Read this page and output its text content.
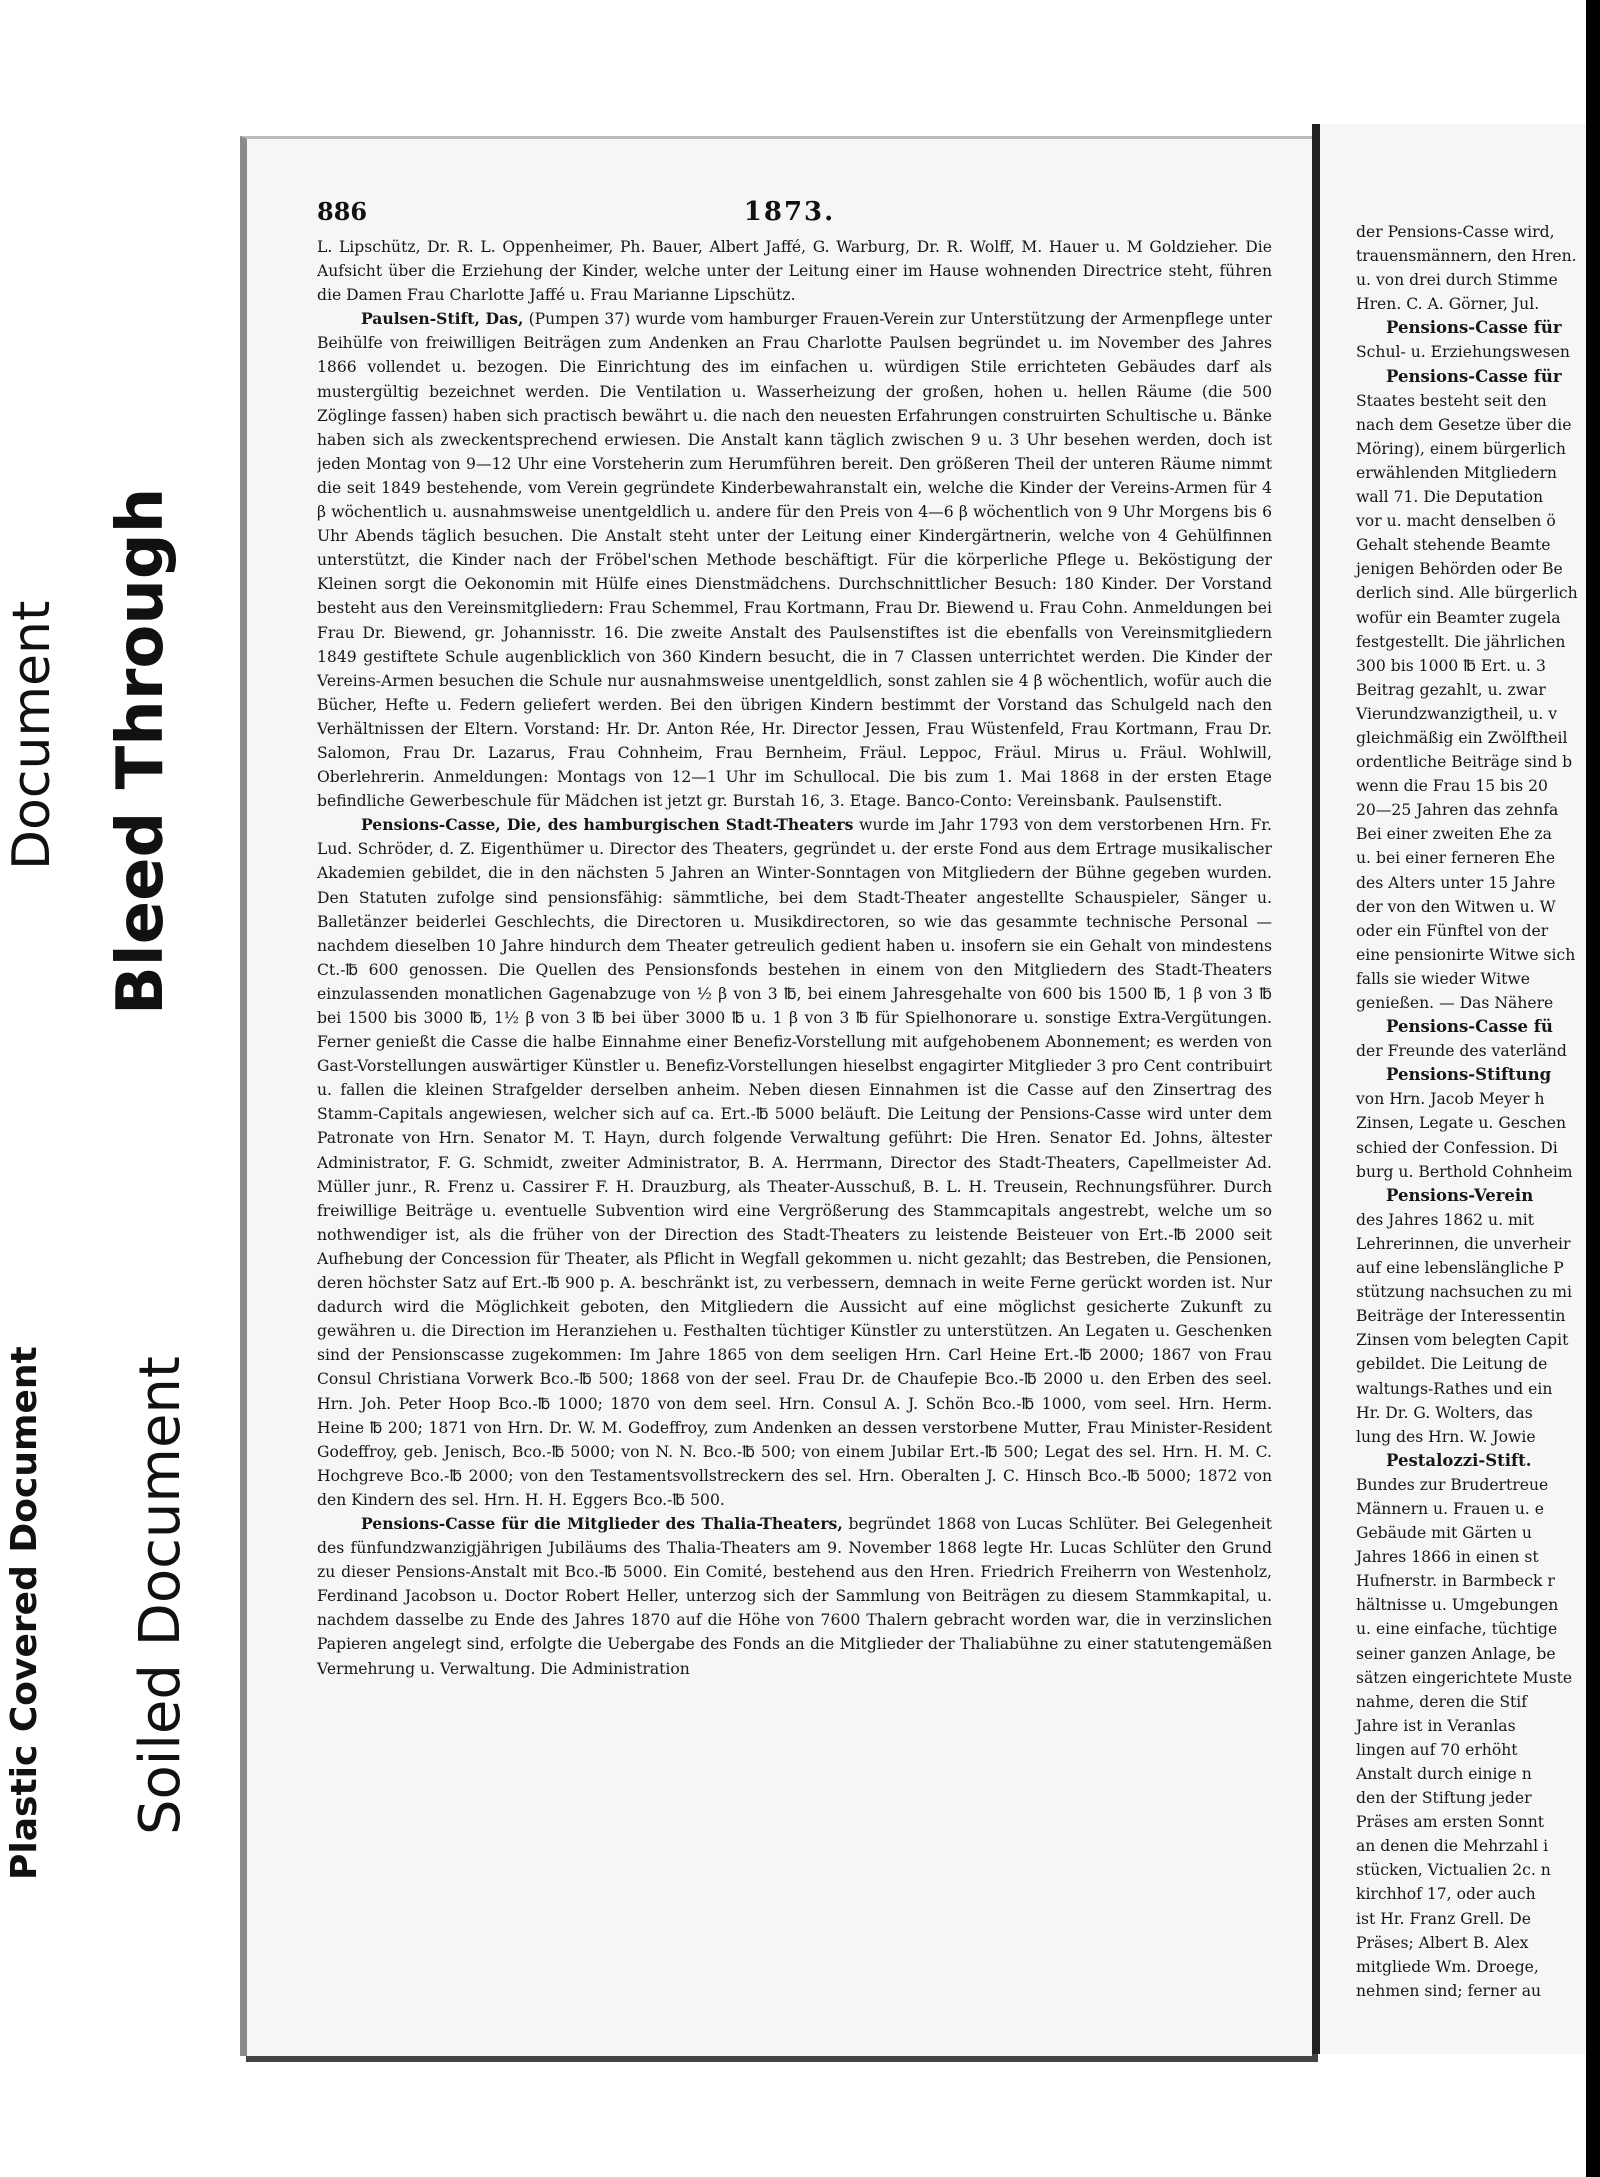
Document Bleed Through
Plastic Covered Document Soiled Document
886	1873.

L. Lipschütz, Dr. R. L. Oppenheimer, Ph. Bauer, Albert Jaffé, G. Warburg, Dr. R. Wolff, M. Hauer u. M Goldzieher. Die Aufsicht über die Erziehung der Kinder, welche unter der Leitung einer im Hause wohnenden Directrice steht, führen die Damen Frau Charlotte Jaffé u. Frau Marianne Lipschütz.

Paulsen-Stift, Das, (Pumpen 37) wurde vom hamburger Frauen-Verein zur Unterstützung der Armenpflege unter Beihülfe von freiwilligen Beiträgen zum Andenken an Frau Charlotte Paulsen begründet u. im November des Jahres 1866 vollendet u. bezogen. Die Einrichtung des im einfachen u. würdigen Stile errichteten Gebäudes darf als mustergültig bezeichnet werden. Die Ventilation u. Wasserheizung der großen, hohen u. hellen Räume (die 500 Zöglinge fassen) haben sich practisch bewährt u. die nach den neuesten Erfahrungen construirten Schultische u. Bänke haben sich als zweckentsprechend erwiesen. Die Anstalt kann täglich zwischen 9 u. 3 Uhr besehen werden, doch ist jeden Montag von 9—12 Uhr eine Vorsteherin zum Herumführen bereit. Den größeren Theil der unteren Räume nimmt die seit 1849 bestehende, vom Verein gegründete Kinderbewahranstalt ein, welche die Kinder der Vereins-Armen für 4 β wöchentlich u. ausnahmsweise unentgeldlich u. andere für den Preis von 4—6 β wöchentlich von 9 Uhr Morgens bis 6 Uhr Abends täglich besuchen. Die Anstalt steht unter der Leitung einer Kindergärtnerin, welche von 4 Gehülfinnen unterstützt, die Kinder nach der Fröbel'schen Methode beschäftigt. Für die körperliche Pflege u. Beköstigung der Kleinen sorgt die Oekonomin mit Hülfe eines Dienstmädchens. Durchschnittlicher Besuch: 180 Kinder. Der Vorstand besteht aus den Vereinsmitgliedern: Frau Schemmel, Frau Kortmann, Frau Dr. Biewend u. Frau Cohn. Anmeldungen bei Frau Dr. Biewend, gr. Johannisstr. 16. Die zweite Anstalt des Paulsenstiftes ist die ebenfalls von Vereinsmitgliedern 1849 gestiftete Schule augenblicklich von 360 Kindern besucht, die in 7 Classen unterrichtet werden. Die Kinder der Vereins-Armen besuchen die Schule nur ausnahmsweise unentgeldlich, sonst zahlen sie 4 β wöchentlich, wofür auch die Bücher, Hefte u. Federn geliefert werden. Bei den übrigen Kindern bestimmt der Vorstand das Schulgeld nach den Verhältnissen der Eltern. Vorstand: Hr. Dr. Anton Rée, Hr. Director Jessen, Frau Wüstenfeld, Frau Kortmann, Frau Dr. Salomon, Frau Dr. Lazarus, Frau Cohnheim, Frau Bernheim, Fräul. Leppoc, Fräul. Mirus u. Fräul. Wohlwill, Oberlehrerin. Anmeldungen: Montags von 12—1 Uhr im Schullocal. Die bis zum 1. Mai 1868 in der ersten Etage befindliche Gewerbeschule für Mädchen ist jetzt gr. Burstah 16, 3. Etage. Banco-Conto: Vereinsbank. Paulsenstift.

Pensions-Casse, Die, des hamburgischen Stadt-Theaters wurde im Jahr 1793 von dem verstorbenen Hrn. Fr. Lud. Schröder, d. Z. Eigenthümer u. Director des Theaters, gegründet u. der erste Fond aus dem Ertrage musikalischer Akademien gebildet, die in den nächsten 5 Jahren an Winter-Sonntagen von Mitgliedern der Bühne gegeben wurden. Den Statuten zufolge sind pensionsfähig: sämmtliche, bei dem Stadt-Theater angestellte Schauspieler, Sänger u. Balletänzer beiderlei Geschlechts, die Directoren u. Musikdirectoren, so wie das gesammte technische Personal — nachdem dieselben 10 Jahre hindurch dem Theater getreulich gedient haben u. insofern sie ein Gehalt von mindestens Ct.-℔ 600 genossen. Die Quellen des Pensionsfonds bestehen in einem von den Mitgliedern des Stadt-Theaters einzulassenden monatlichen Gagenabzuge von ½ β von 3 ℔, bei einem Jahresgehalte von 600 bis 1500 ℔, 1 β von 3 ℔ bei 1500 bis 3000 ℔, 1½ β von 3 ℔ bei über 3000 ℔ u. 1 β von 3 ℔ für Spielhonorare u. sonstige Extra-Vergütungen. Ferner genießt die Casse die halbe Einnahme einer Benefiz-Vorstellung mit aufgehobenem Abonnement; es werden von Gast-Vorstellungen auswärtiger Künstler u. Benefiz-Vorstellungen hieselbst engagirter Mitglieder 3 pro Cent contribuirt u. fallen die kleinen Strafgelder derselben anheim. Neben diesen Einnahmen ist die Casse auf den Zinsertrag des Stamm-Capitals angewiesen, welcher sich auf ca. Ert.-℔ 5000 beläuft. Die Leitung der Pensions-Casse wird unter dem Patronate von Hrn. Senator M. T. Hayn, durch folgende Verwaltung geführt: Die Hren. Senator Ed. Johns, ältester Administrator, F. G. Schmidt, zweiter Administrator, B. A. Herrmann, Director des Stadt-Theaters, Capellmeister Ad. Müller junr., R. Frenz u. Cassirer F. H. Drauzburg, als Theater-Ausschuß, B. L. H. Treusein, Rechnungsführer. Durch freiwillige Beiträge u. eventuelle Subvention wird eine Vergrößerung des Stammcapitals angestrebt, welche um so nothwendiger ist, als die früher von der Direction des Stadt-Theaters zu leistende Beisteuer von Ert.-℔ 2000 seit Aufhebung der Concession für Theater, als Pflicht in Wegfall gekommen u. nicht gezahlt; das Bestreben, die Pensionen, deren höchster Satz auf Ert.-℔ 900 p. A. beschränkt ist, zu verbessern, demnach in weite Ferne gerückt worden ist. Nur dadurch wird die Möglichkeit geboten, den Mitgliedern die Aussicht auf eine möglichst gesicherte Zukunft zu gewähren u. die Direction im Heranziehen u. Festhalten tüchtiger Künstler zu unterstützen. An Legaten u. Geschenken sind der Pensionscasse zugekommen: Im Jahre 1865 von dem seeligen Hrn. Carl Heine Ert.-℔ 2000; 1867 von Frau Consul Christiana Vorwerk Bco.-℔ 500; 1868 von der seel. Frau Dr. de Chaufepie Bco.-℔ 2000 u. den Erben des seel. Hrn. Joh. Peter Hoop Bco.-℔ 1000; 1870 von dem seel. Hrn. Consul A. J. Schön Bco.-℔ 1000, vom seel. Hrn. Herm. Heine ℔ 200; 1871 von Hrn. Dr. W. M. Godeffroy, zum Andenken an dessen verstorbene Mutter, Frau Minister-Resident Godeffroy, geb. Jenisch, Bco.-℔ 5000; von N. N. Bco.-℔ 500; von einem Jubilar Ert.-℔ 500; Legat des sel. Hrn. H. M. C. Hochgreve Bco.-℔ 2000; von den Testamentsvollstreckern des sel. Hrn. Oberalten J. C. Hinsch Bco.-℔ 5000; 1872 von den Kindern des sel. Hrn. H. H. Eggers Bco.-℔ 500.

Pensions-Casse für die Mitglieder des Thalia-Theaters, begründet 1868 von Lucas Schlüter. Bei Gelegenheit des fünfundzwanzigjährigen Jubiläums des Thalia-Theaters am 9. November 1868 legte Hr. Lucas Schlüter den Grund zu dieser Pensions-Anstalt mit Bco.-℔ 5000. Ein Comité, bestehend aus den Hren. Friedrich Freiherrn von Westenholz, Ferdinand Jacobson u. Doctor Robert Heller, unterzog sich der Sammlung von Beiträgen zu diesem Stammkapital, u. nachdem dasselbe zu Ende des Jahres 1870 auf die Höhe von 7600 Thalern gebracht worden war, die in verzinslichen Papieren angelegt sind, erfolgte die Uebergabe des Fonds an die Mitglieder der Thaliabühne zu einer statutengemäßen Vermehrung u. Verwaltung. Die Administration

der Pensions-Casse wird,
trauensmännern, den Hren.
u. von drei durch Stimme
Hren. C. A. Görner, Jul.
Pensions-Casse für
Schul- u. Erziehungswesen
Pensions-Casse für
Staates besteht seit den
nach dem Gesetze über die
Möring), einem bürgerlich
erwählenden Mitgliedern
wall 71. Die Deputation
vor u. macht denselben ö
Gehalt stehende Beamte
jenigen Behörden oder Be
derlich sind. Alle bürgerlich
wofür ein Beamter zugela
festgestellt. Die jährlichen
300 bis 1000 ℔ Ert. u. 3
Beitrag gezahlt, u. zwar
Vierundzwanzigtheil, u. v
gleichmäßig ein Zwölftheil
ordentliche Beiträge sind b
wenn die Frau 15 bis 20
20—25 Jahren das zehnfa
Bei einer zweiten Ehe za
u. bei einer ferneren Ehe
des Alters unter 15 Jahre
der von den Witwen u. W
oder ein Fünftel von der
eine pensionirte Witwe sich
falls sie wieder Witwe
genießen. — Das Nähere
Pensions-Casse fü
der Freunde des vaterländ
Pensions-Stiftung
von Hrn. Jacob Meyer h
Zinsen, Legate u. Geschen
schied der Confession. Di
burg u. Berthold Cohnheim
Pensions-Verein
des Jahres 1862 u. mit
Lehrerinnen, die unverheir
auf eine lebenslängliche P
stützung nachsuchen zu mi
Beiträge der Interessentin
Zinsen vom belegten Capit
gebildet. Die Leitung de
waltungs-Rathes und ein
Hr. Dr. G. Wolters, das
lung des Hrn. W. Jowie
Pestalozzi-Stift.
Bundes zur Brudertreue
Männern u. Frauen u. e
Gebäude mit Gärten u
Jahres 1866 in einen st
Hufnerstr. in Barmbeck r
hältnisse u. Umgebungen
u. eine einfache, tüchtige
seiner ganzen Anlage, be
sätzen eingerichtete Muste
nahme, deren die Stif
Jahre ist in Veranlas
lingen auf 70 erhöht
Anstalt durch einige n
den der Stiftung jeder
Präses am ersten Sonnt
an denen die Mehrzahl i
stücken, Victualien 2c. n
kirchhof 17, oder auch
ist Hr. Franz Grell. De
Präses; Albert B. Alex
mitgliede Wm. Droege,
nehmen sind; ferner au
